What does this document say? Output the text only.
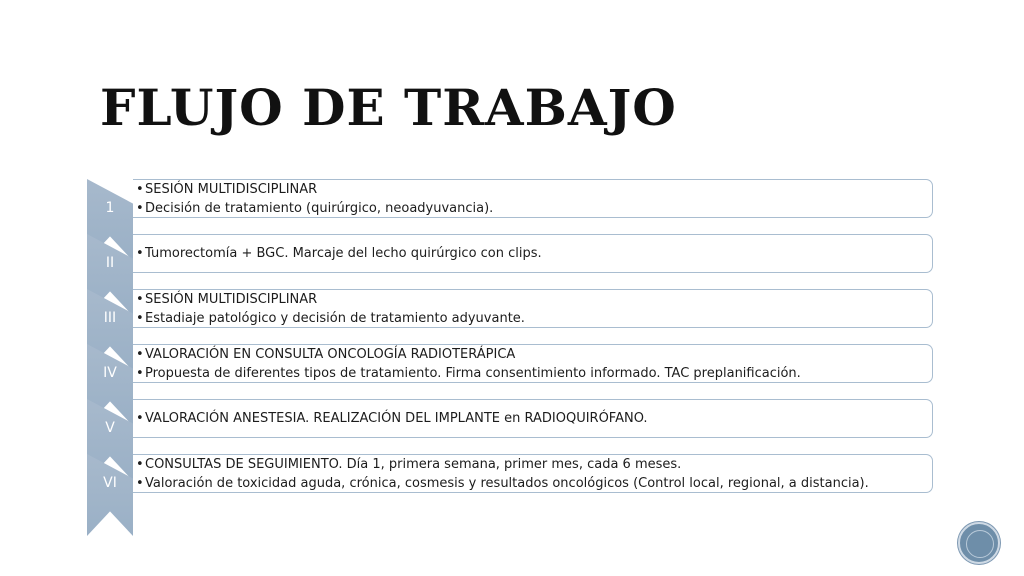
FLUJO DE TRABAJO
1
• SESIÓN MULTIDISCIPLINAR
• Decisión de tratamiento (quirúrgico, neoadyuvancia).
II
• Tumorectomía + BGC. Marcaje del lecho quirúrgico con clips.
III
• SESIÓN MULTIDISCIPLINAR
• Estadiaje patológico y decisión de tratamiento adyuvante.
IV
• VALORACIÓN EN CONSULTA ONCOLOGÍA RADIOTERÁPICA
• Propuesta de diferentes tipos de tratamiento. Firma consentimiento informado. TAC preplanificación.
V
• VALORACIÓN ANESTESIA. REALIZACIÓN DEL IMPLANTE en RADIOQUIRÓFANO.
VI
• CONSULTAS DE SEGUIMIENTO. Día 1, primera semana, primer mes, cada 6 meses.
• Valoración de toxicidad aguda, crónica, cosmesis y resultados oncológicos (Control local, regional, a distancia).
